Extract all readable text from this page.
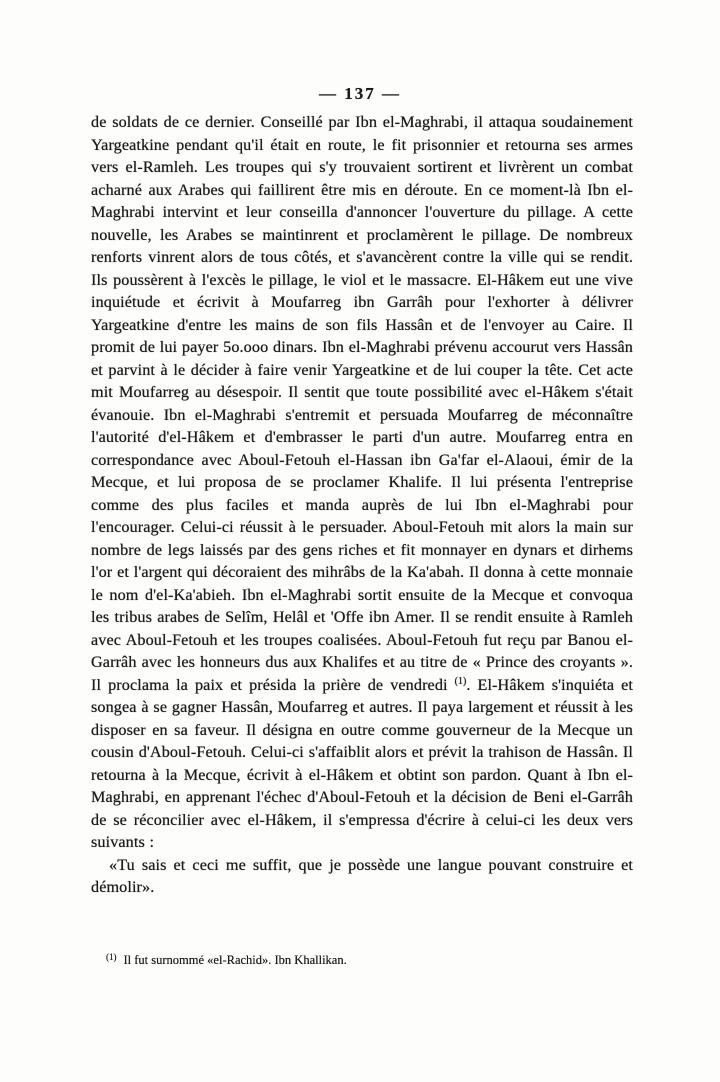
— 137 —

de soldats de ce dernier. Conseillé par Ibn el-Maghrabi, il attaqua soudainement Yargeatkine pendant qu'il était en route, le fit prisonnier et retourna ses armes vers el-Ramleh. Les troupes qui s'y trouvaient sortirent et livrèrent un combat acharné aux Arabes qui faillirent être mis en déroute. En ce moment-là Ibn el-Maghrabi intervint et leur conseilla d'annoncer l'ouverture du pillage. A cette nouvelle, les Arabes se maintinrent et proclamèrent le pillage. De nombreux renforts vinrent alors de tous côtés, et s'avancèrent contre la ville qui se rendit. Ils poussèrent à l'excès le pillage, le viol et le massacre. El-Hâkem eut une vive inquiétude et écrivit à Moufarreg ibn Garrâh pour l'exhorter à délivrer Yargeatkine d'entre les mains de son fils Hassân et de l'envoyer au Caire. Il promit de lui payer 5o.ooo dinars. Ibn el-Maghrabi prévenu accourut vers Hassân et parvint à le décider à faire venir Yargeatkine et de lui couper la tête. Cet acte mit Moufarreg au désespoir. Il sentit que toute possibilité avec el-Hâkem s'était évanouie. Ibn el-Maghrabi s'entremit et persuada Moufarreg de méconnaître l'autorité d'el-Hâkem et d'embrasser le parti d'un autre. Moufarreg entra en correspondance avec Aboul-Fetouh el-Hassan ibn Ga'far el-Alaoui, émir de la Mecque, et lui proposa de se proclamer Khalife. Il lui présenta l'entreprise comme des plus faciles et manda auprès de lui Ibn el-Maghrabi pour l'encourager. Celui-ci réussit à le persuader. Aboul-Fetouh mit alors la main sur nombre de legs laissés par des gens riches et fit monnayer en dynars et dirhems l'or et l'argent qui décoraient des mihrâbs de la Ka'abah. Il donna à cette monnaie le nom d'el-Ka'abieh. Ibn el-Maghrabi sortit ensuite de la Mecque et convoqua les tribus arabes de Selîm, Helâl et 'Offe ibn Amer. Il se rendit ensuite à Ramleh avec Aboul-Fetouh et les troupes coalisées. Aboul-Fetouh fut reçu par Banou el-Garrâh avec les honneurs dus aux Khalifes et au titre de « Prince des croyants ». Il proclama la paix et présida la prière de vendredi $^{(1)}$. El-Hâkem s'inquiéta et songea à se gagner Hassân, Moufarreg et autres. Il paya largement et réussit à les disposer en sa faveur. Il désigna en outre comme gouverneur de la Mecque un cousin d'Aboul-Fetouh. Celui-ci s'affaiblit alors et prévit la trahison de Hassân. Il retourna à la Mecque, écrivit à el-Hâkem et obtint son pardon. Quant à Ibn el-Maghrabi, en apprenant l'échec d'Aboul-Fetouh et la décision de Beni el-Garrâh de se réconcilier avec el-Hâkem, il s'empressa d'écrire à celui-ci les deux vers suivants :

«Tu sais et ceci me suffit, que je possède une langue pouvant construire et démolir».

$^{(1)}$ Il fut surnommé «el-Rachid». Ibn Khallikan.
